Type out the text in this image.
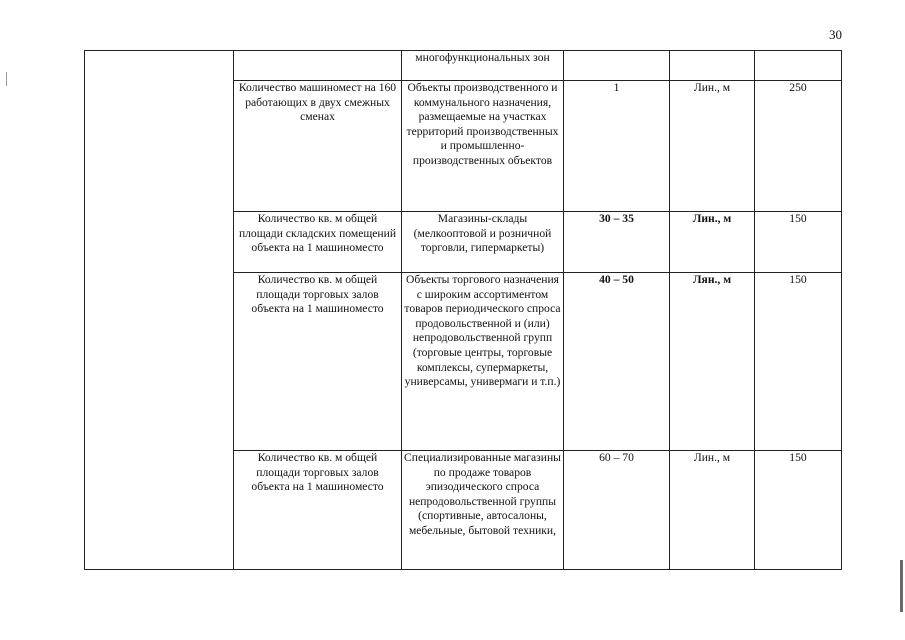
30

		многофункциональных зон			

	Количество машиномест на 160 работающих в двух смежных сменах	Объекты производственного и коммунального назначения, размещаемые на участках территорий производственных и промышленно-производственных объектов	1	Лин., м	250

	Количество кв. м общей площади складских помещений объекта на 1 машиноместо	Магазины-склады (мелкооптовой и розничной торговли, гипермаркеты)	30 – 35	Лин., м	150

	Количество кв. м общей площади торговых залов объекта на 1 машиноместо	Объекты торгового назначения с широким ассортиментом товаров периодического спроса продовольственной и (или) непродовольственной групп (торговые центры, торговые комплексы, супермаркеты, универсамы, универмаги и т.п.)	40 – 50	Лян., м	150

	Количество кв. м общей площади торговых залов объекта на 1 машиноместо	Специализированные магазины по продаже товаров эпизодического спроса непродовольственной группы (спортивные, автосалоны, мебельные, бытовой техники,	60 – 70	Лин., м	150
